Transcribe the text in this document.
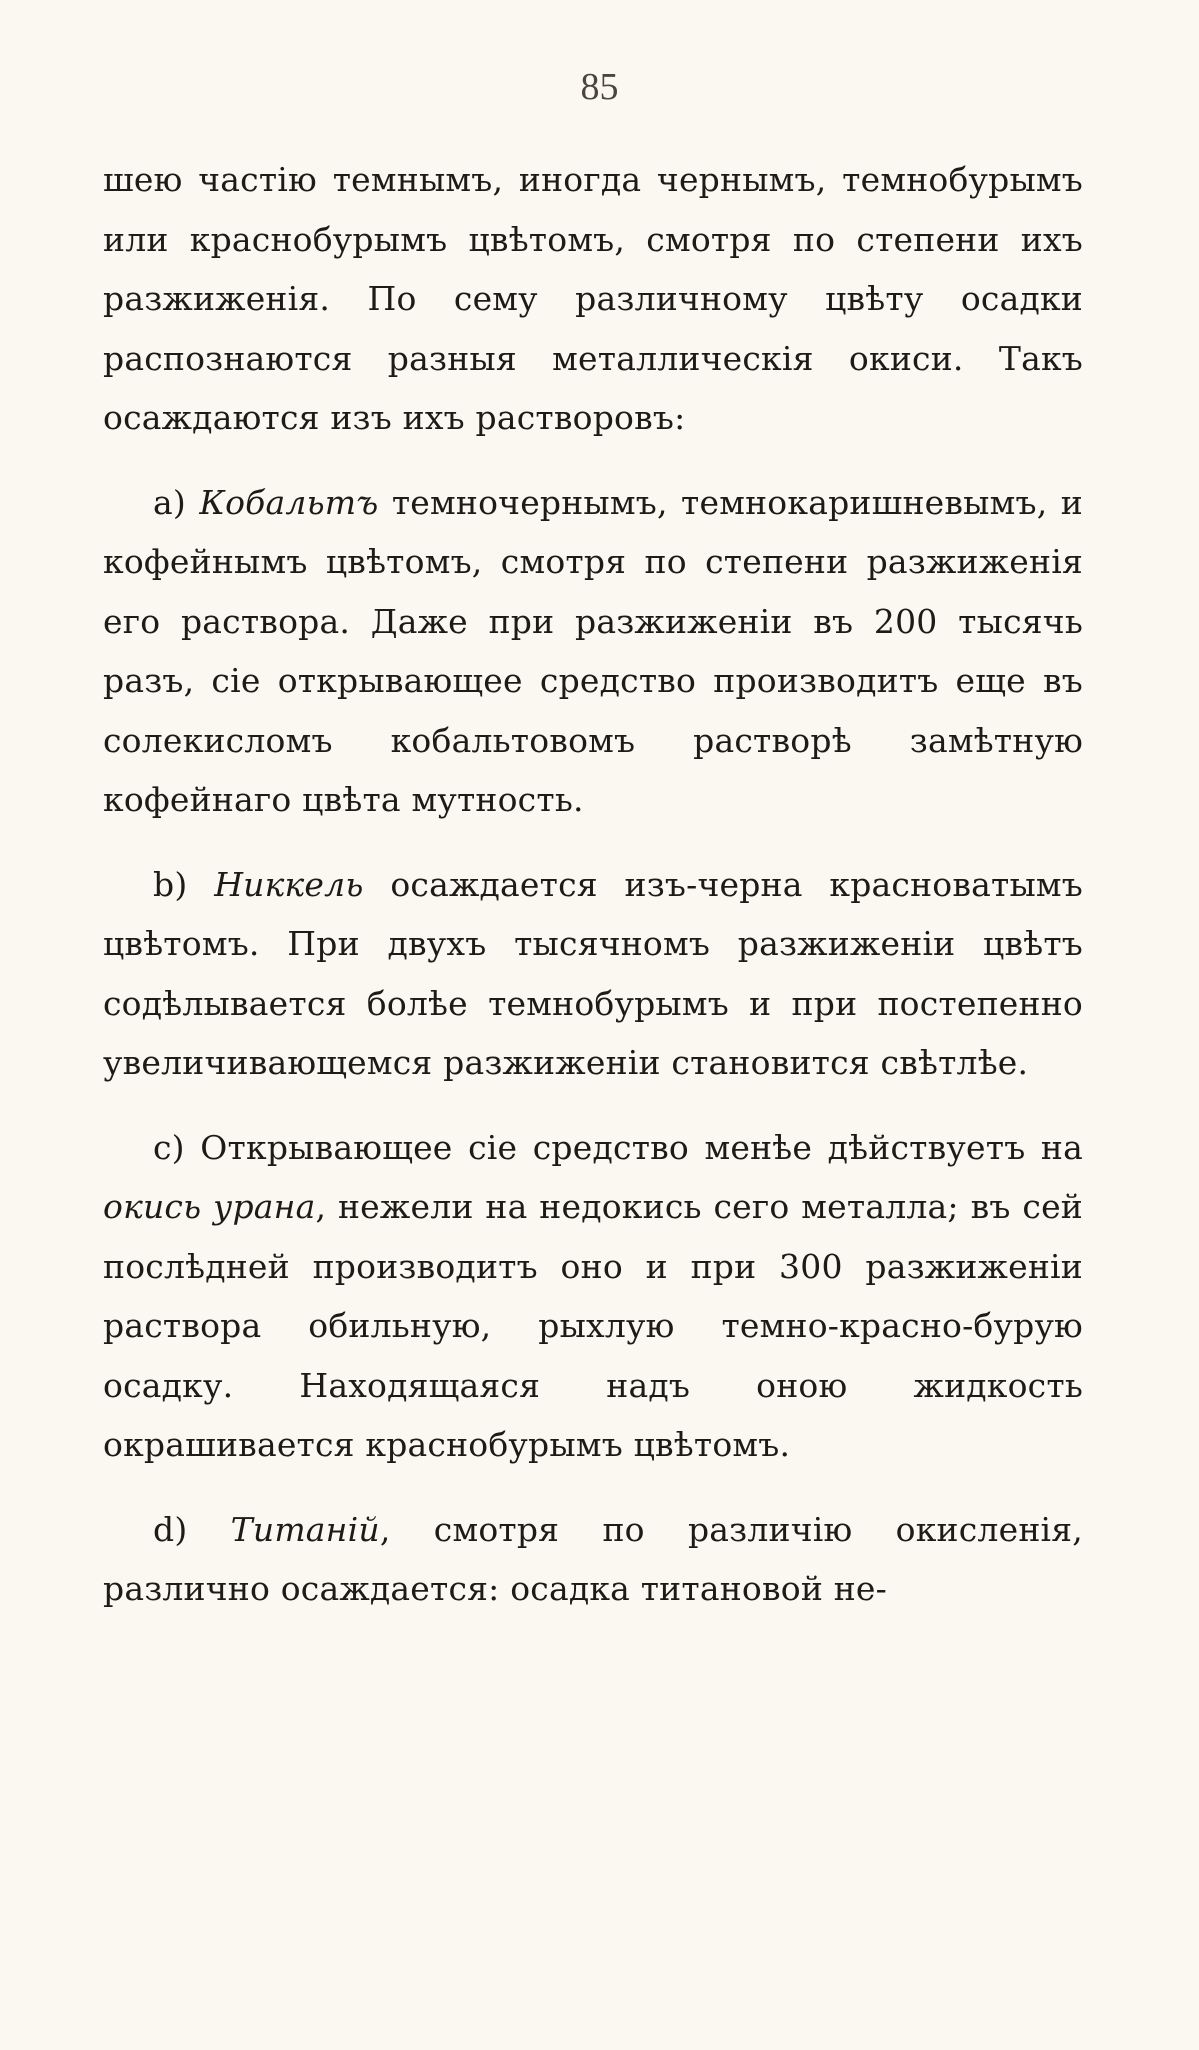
85

шею частію темнымъ, иногда чернымъ, темнобурымъ или краснобурымъ цвѣтомъ, смотря по степени ихъ разжиженія. По сему различному цвѣту осадки распознаются разныя металлическія окиси. Такъ осаждаются изъ ихъ растворовъ:

a) Кобальтъ темночернымъ, темнокаришневымъ, и кофейнымъ цвѣтомъ, смотря по степени разжиженія его раствора. Даже при разжиженіи въ 200 тысячь разъ, сіе открывающее средство производитъ еще въ солекисломъ кобальтовомъ растворѣ замѣтную кофейнаго цвѣта мутность.

b) Никкель осаждается изъ-черна красноватымъ цвѣтомъ. При двухъ тысячномъ разжиженіи цвѣтъ содѣлывается болѣе темнобурымъ и при постепенно увеличивающемся разжиженіи становится свѣтлѣе.

c) Открывающее сіе средство менѣе дѣйствуетъ на окись урана, нежели на недокись сего металла; въ сей послѣдней производитъ оно и при 300 разжиженіи раствора обильную, рыхлую темно-красно-бурую осадку. Находящаяся надъ оною жидкость окрашивается краснобурымъ цвѣтомъ.

d) Титаній, смотря по различію окисленія, различно осаждается: осадка титановой не-
